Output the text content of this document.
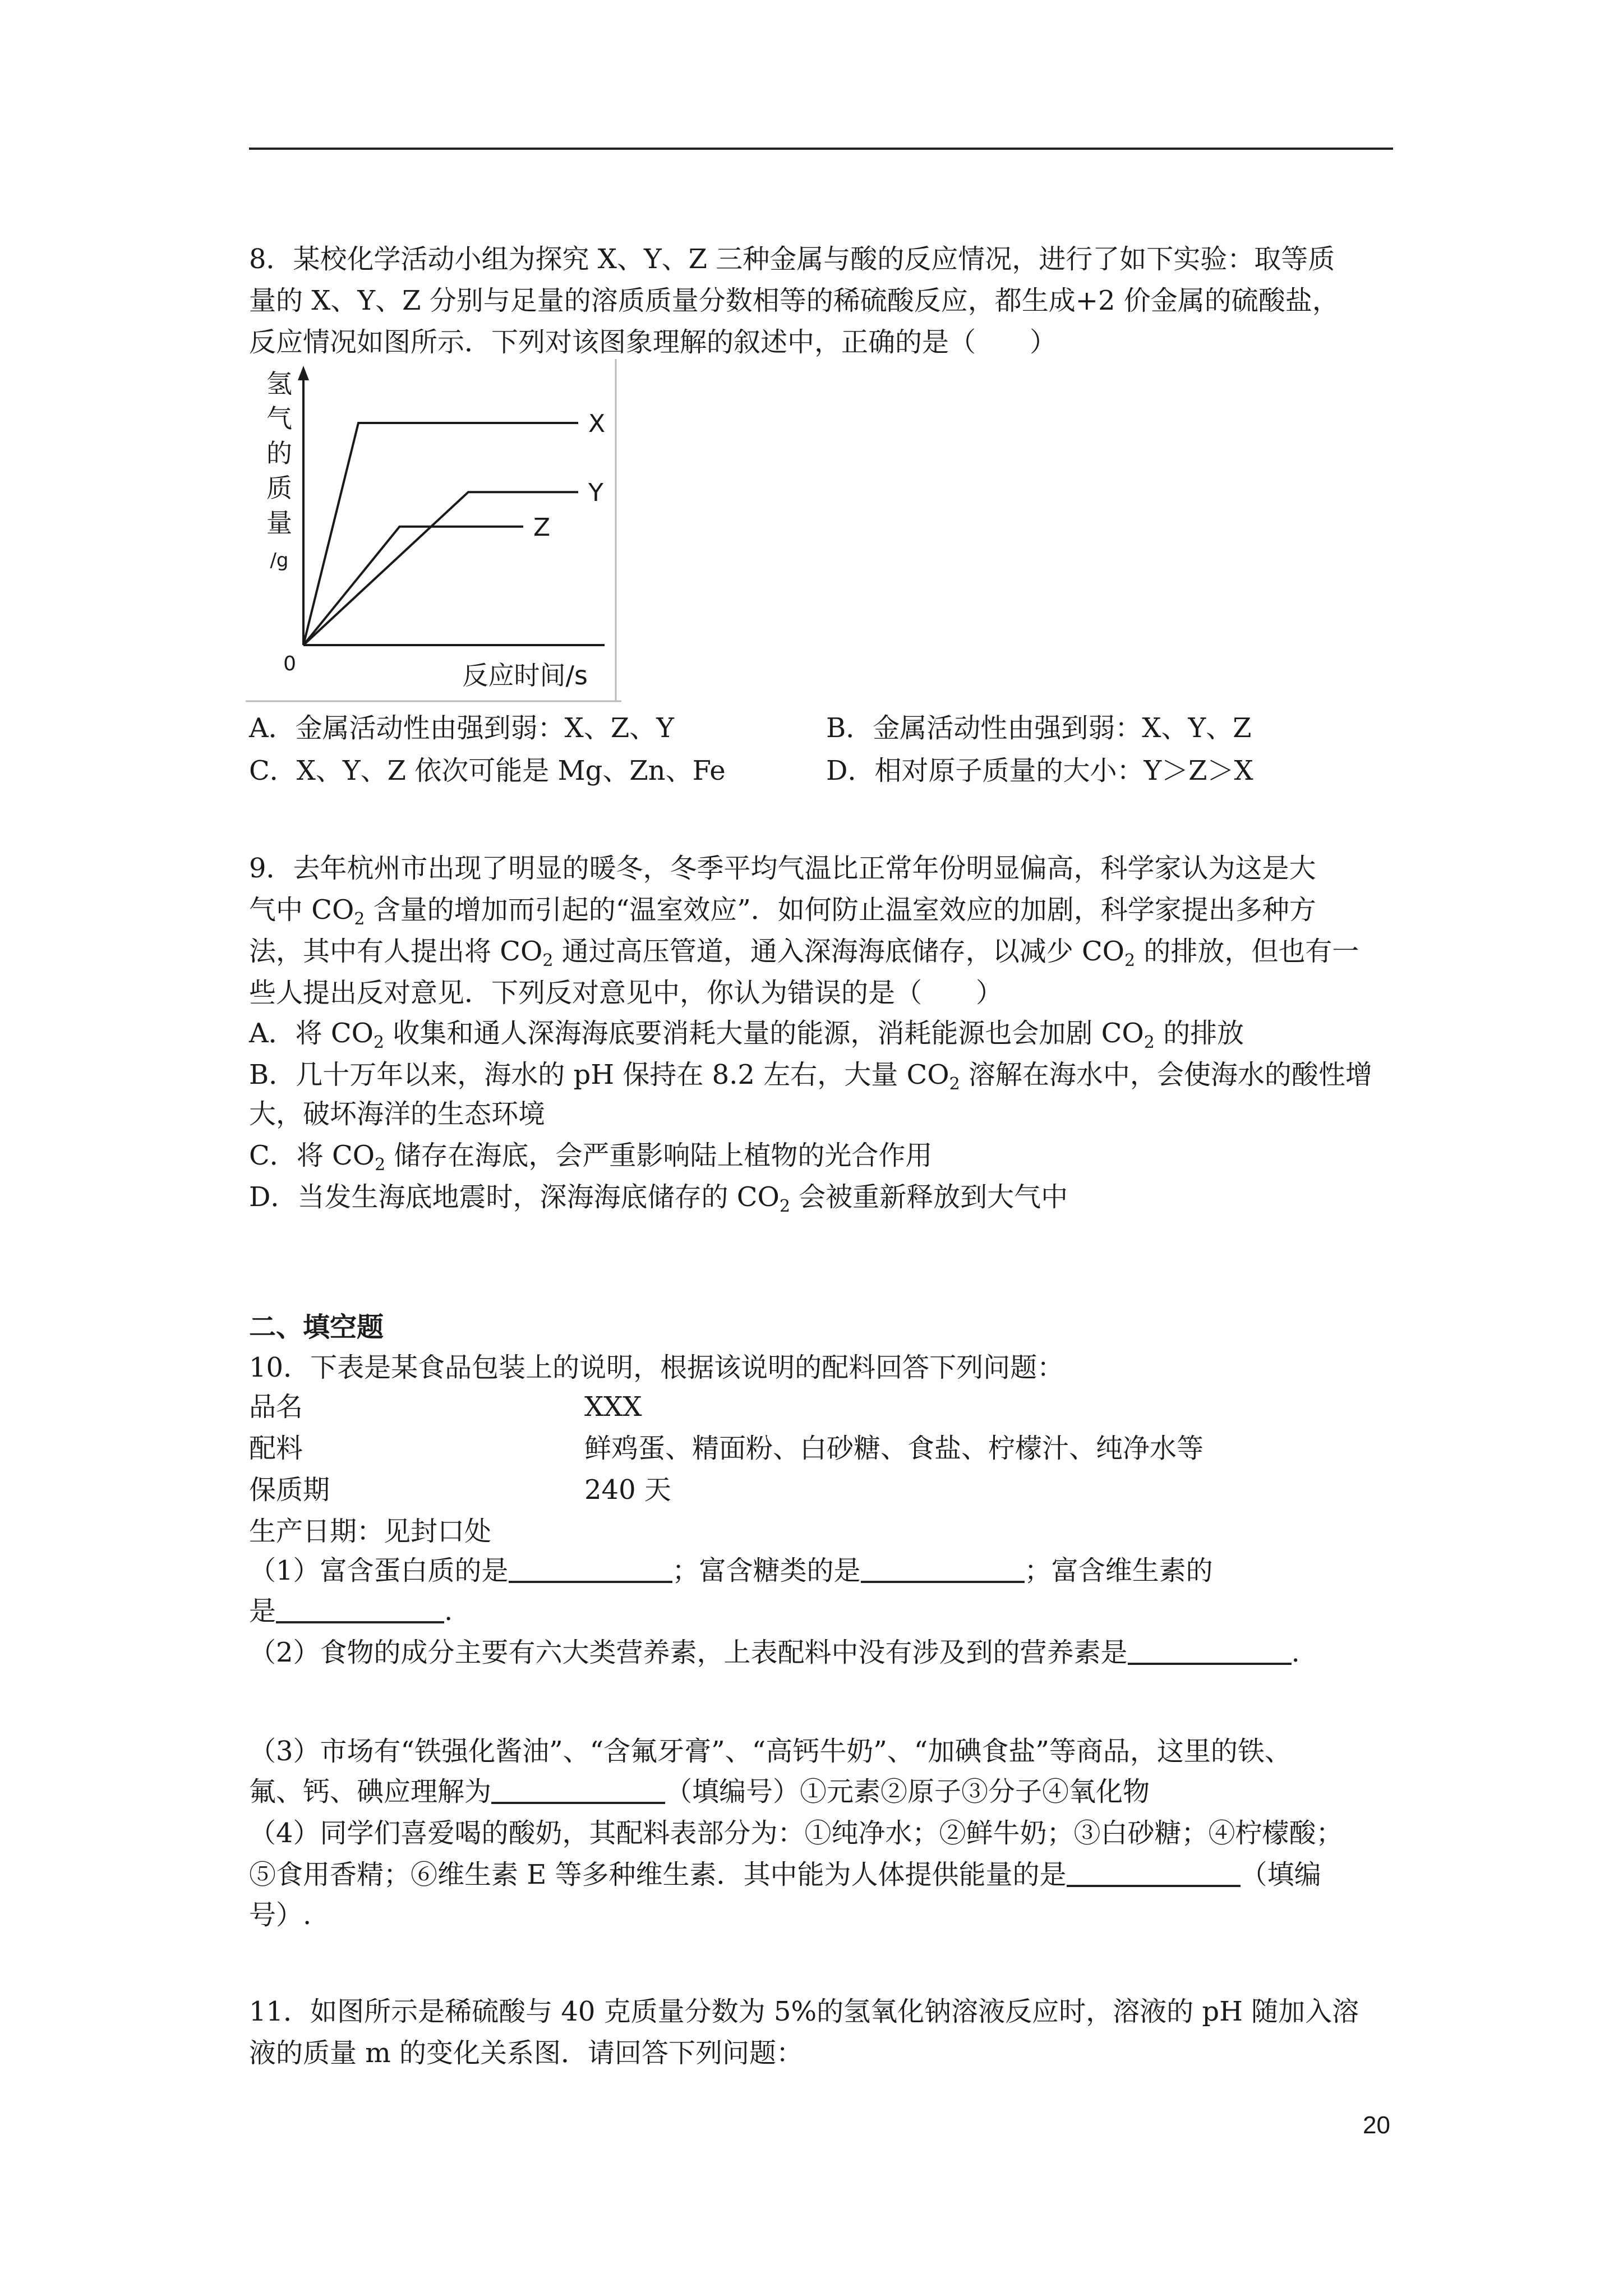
8．某校化学活动小组为探究 X、Y、Z 三种金属与酸的反应情况，进行了如下实验：取等质
量的 X、Y、Z 分别与足量的溶质质量分数相等的稀硫酸反应，都生成+2 价金属的硫酸盐，
反应情况如图所示．下列对该图象理解的叙述中，正确的是（　　）
氢气的质量/g
0	反应时间/s
X
Y
Z
A．金属活动性由强到弱：X、Z、Y	B．金属活动性由强到弱：X、Y、Z
C．X、Y、Z 依次可能是 Mg、Zn、Fe	D．相对原子质量的大小：Y＞Z＞X
9．去年杭州市出现了明显的暖冬，冬季平均气温比正常年份明显偏高，科学家认为这是大
气中 $CO_2$ 含量的增加而引起的“温室效应”．如何防止温室效应的加剧，科学家提出多种方
法，其中有人提出将 $CO_2$ 通过高压管道，通入深海海底储存，以减少 $CO_2$ 的排放，但也有一
些人提出反对意见．下列反对意见中，你认为错误的是（　　）
A．将 $CO_2$ 收集和通人深海海底要消耗大量的能源，消耗能源也会加剧 $CO_2$ 的排放
B．几十万年以来，海水的 pH 保持在 8.2 左右，大量 $CO_2$ 溶解在海水中，会使海水的酸性增
大，破坏海洋的生态环境
C．将 $CO_2$ 储存在海底，会严重影响陆上植物的光合作用
D．当发生海底地震时，深海海底储存的 $CO_2$ 会被重新释放到大气中
二、填空题
10．下表是某食品包装上的说明，根据该说明的配料回答下列问题：
品名	XXX
配料	鲜鸡蛋、精面粉、白砂糖、食盐、柠檬汁、纯净水等
保质期	240 天
生产日期：见封口处
（1）富含蛋白质的是	；富含糖类的是	；富含维生素的
是	.
（2）食物的成分主要有六大类营养素，上表配料中没有涉及到的营养素是	.
（3）市场有“铁强化酱油”、“含氟牙膏”、“高钙牛奶”、“加碘食盐”等商品，这里的铁、
氟、钙、碘应理解为	（填编号）①元素②原子③分子④氧化物
（4）同学们喜爱喝的酸奶，其配料表部分为：①纯净水；②鲜牛奶；③白砂糖；④柠檬酸；
⑤食用香精；⑥维生素 E 等多种维生素．其中能为人体提供能量的是	（填编
号）.
11．如图所示是稀硫酸与 40 克质量分数为 5%的氢氧化钠溶液反应时，溶液的 pH 随加入溶
液的质量 m 的变化关系图．请回答下列问题：
20
